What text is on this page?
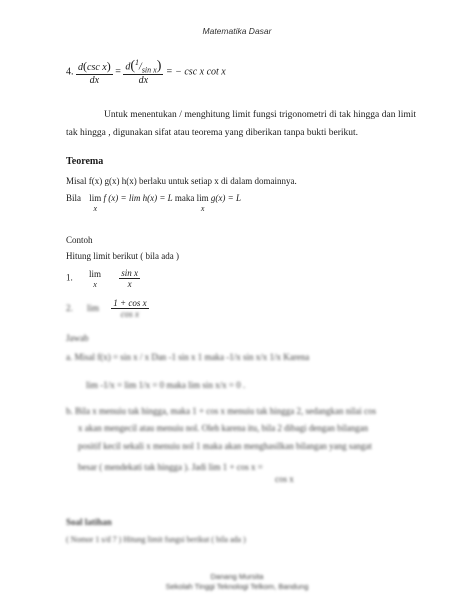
Matematika Dasar
4. $\frac{\text{d(csc x)}}{dx} = \frac{d(^1/_{sin x})}{dx}$ = − csc x cot x
Untuk menentukan / menghitung limit fungsi trigonometri di tak hingga dan limit tak hingga , digunakan sifat atau teorema yang diberikan tanpa bukti berikut.
Teorema
Misal f(x) g(x) h(x) berlaku untuk setiap x di dalam domainnya.
Bila lim
x f (x) = lim h(x) = L maka lim
x g(x) = L
Contoh
Hitung limit berikut ( bila ada )
1. lim
x $\frac{\text{sin x}}{x}$
2. $\lim \frac{\text{1 + cos x}}{\text{cos x}}$
Jawab
a. Misal f(x) = sin x / x Dan -1 sin x 1 maka -1/x sin x/x 1/x Karena
lim -1/x = lim 1/x = 0 maka lim sin x/x = 0 .
b. Bila x menuiu tak hingga, maka 1 + cos x menuiu tak hingga 2, sedangkan nilai cos
x akan mengecil atau menuiu nol. Oleh karena itu, bila 2 dibagi dengan bilangan
positif kecil sekali x menuiu nol 1 maka akan menghasilkan bilangan yang sangat
besar ( mendekati tak hingga ). Jadi lim 1 + cos x =
cos x
Soal latihan
( Nomor 1 s/d 7 ) Hitung limit fungsi berikut ( bila ada )
Danang Mursita
Sekolah Tinggi Teknologi Telkom, Bandung
